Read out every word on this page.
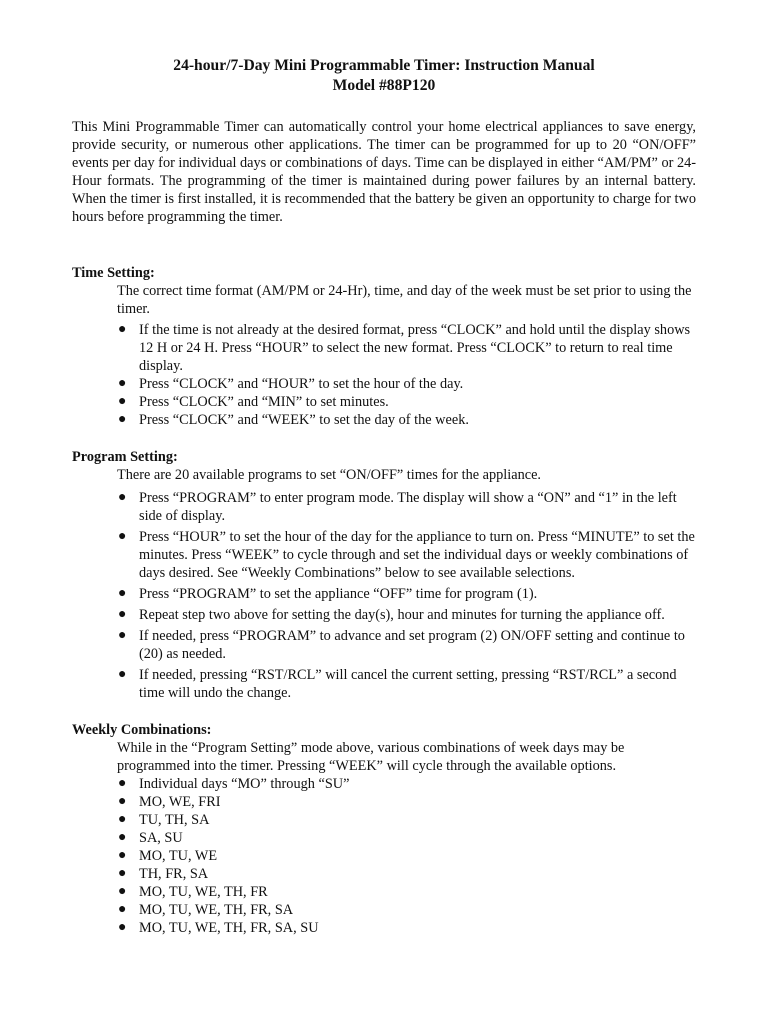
24-hour/7-Day Mini Programmable Timer: Instruction Manual
Model #88P120

This Mini Programmable Timer can automatically control your home electrical appliances to save energy, provide security, or numerous other applications. The timer can be programmed for up to 20 “ON/OFF” events per day for individual days or combinations of days. Time can be displayed in either “AM/PM” or 24-Hour formats. The programming of the timer is maintained during power failures by an internal battery. When the timer is first installed, it is recommended that the battery be given an opportunity to charge for two hours before programming the timer.

Time Setting:

The correct time format (AM/PM or 24-Hr), time, and day of the week must be set prior to using the timer.

● If the time is not already at the desired format, press “CLOCK” and hold until the display shows 12 H or 24 H. Press “HOUR” to select the new format. Press “CLOCK” to return to real time display.
● Press “CLOCK” and “HOUR” to set the hour of the day.
● Press “CLOCK” and “MIN” to set minutes.
● Press “CLOCK” and “WEEK” to set the day of the week.

Program Setting:

There are 20 available programs to set “ON/OFF” times for the appliance.

● Press “PROGRAM” to enter program mode. The display will show a “ON” and “1” in the left side of display.
● Press “HOUR” to set the hour of the day for the appliance to turn on. Press “MINUTE” to set the minutes. Press “WEEK” to cycle through and set the individual days or weekly combinations of days desired. See “Weekly Combinations” below to see available selections.
● Press “PROGRAM” to set the appliance “OFF” time for program (1).
● Repeat step two above for setting the day(s), hour and minutes for turning the appliance off.
● If needed, press “PROGRAM” to advance and set program (2) ON/OFF setting and continue to (20) as needed.
● If needed, pressing “RST/RCL” will cancel the current setting, pressing “RST/RCL” a second time will undo the change.

Weekly Combinations:

While in the “Program Setting” mode above, various combinations of week days may be programmed into the timer. Pressing “WEEK” will cycle through the available options.

● Individual days “MO” through “SU”
● MO, WE, FRI
● TU, TH, SA
● SA, SU
● MO, TU, WE
● TH, FR, SA
● MO, TU, WE, TH, FR
● MO, TU, WE, TH, FR, SA
● MO, TU, WE, TH, FR, SA, SU
